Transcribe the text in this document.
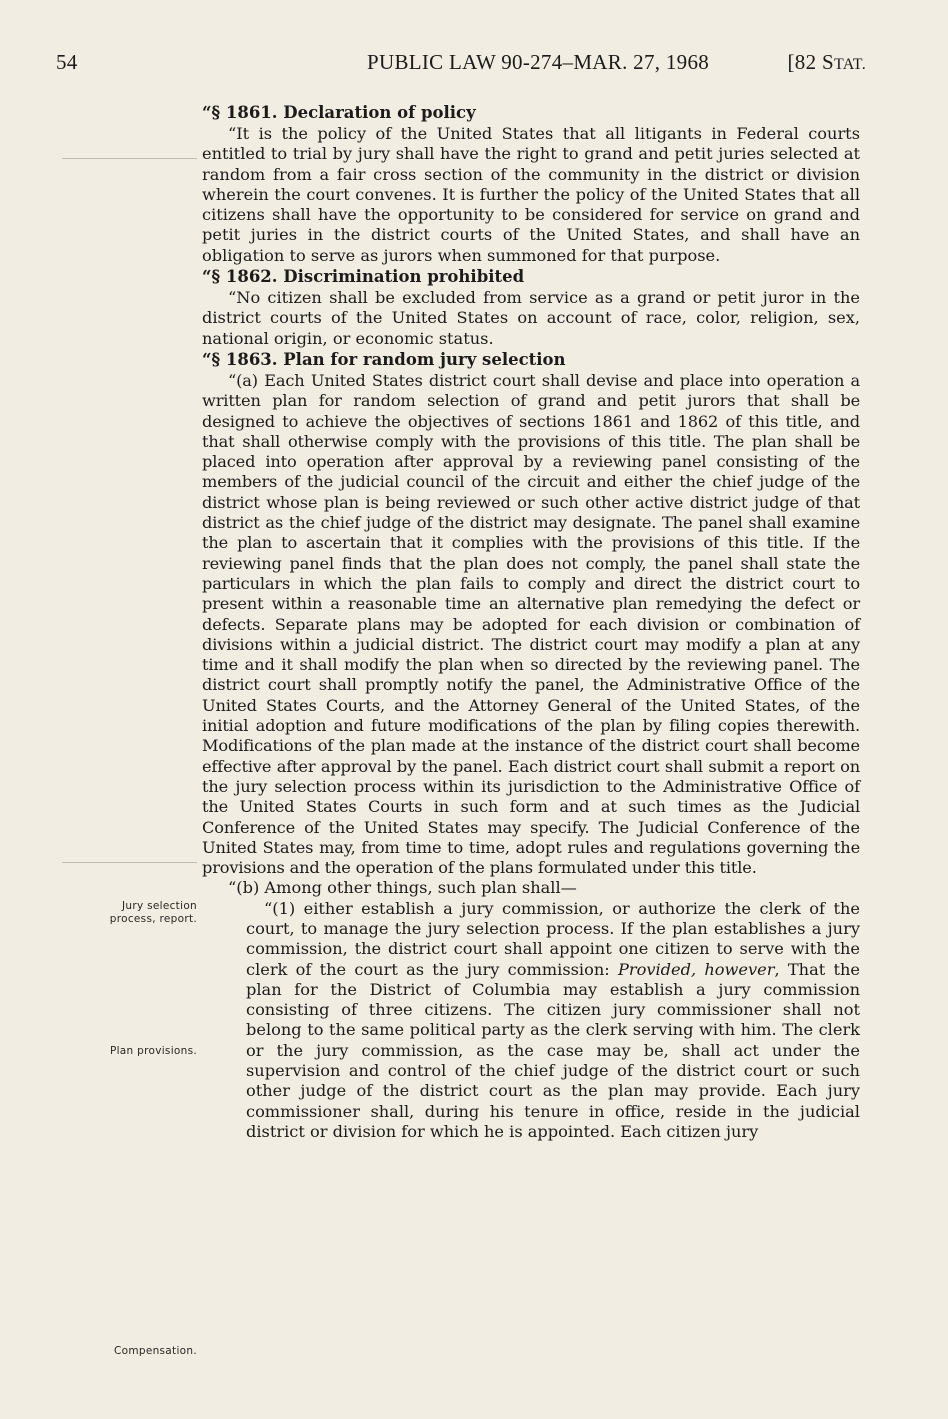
54	PUBLIC LAW 90-274–MAR. 27, 1968	[82 STAT.
Jury selection
process, report.
Plan provisions.
Compensation.
“§ 1861. Declaration of policy

“It is the policy of the United States that all litigants in Federal courts entitled to trial by jury shall have the right to grand and petit juries selected at random from a fair cross section of the community in the district or division wherein the court convenes. It is further the policy of the United States that all citizens shall have the opportunity to be considered for service on grand and petit juries in the district courts of the United States, and shall have an obligation to serve as jurors when summoned for that purpose.

“§ 1862. Discrimination prohibited

“No citizen shall be excluded from service as a grand or petit juror in the district courts of the United States on account of race, color, religion, sex, national origin, or economic status.

“§ 1863. Plan for random jury selection

“(a) Each United States district court shall devise and place into operation a written plan for random selection of grand and petit jurors that shall be designed to achieve the objectives of sections 1861 and 1862 of this title, and that shall otherwise comply with the provisions of this title. The plan shall be placed into operation after approval by a reviewing panel consisting of the members of the judicial council of the circuit and either the chief judge of the district whose plan is being reviewed or such other active district judge of that district as the chief judge of the district may designate. The panel shall examine the plan to ascertain that it complies with the provisions of this title. If the reviewing panel finds that the plan does not comply, the panel shall state the particulars in which the plan fails to comply and direct the district court to present within a reasonable time an alternative plan remedying the defect or defects. Separate plans may be adopted for each division or combination of divisions within a judicial district. The district court may modify a plan at any time and it shall modify the plan when so directed by the reviewing panel. The district court shall promptly notify the panel, the Administrative Office of the United States Courts, and the Attorney General of the United States, of the initial adoption and future modifications of the plan by filing copies therewith. Modifications of the plan made at the instance of the district court shall become effective after approval by the panel. Each district court shall submit a report on the jury selection process within its jurisdiction to the Administrative Office of the United States Courts in such form and at such times as the Judicial Conference of the United States may specify. The Judicial Conference of the United States may, from time to time, adopt rules and regulations governing the provisions and the operation of the plans formulated under this title.

“(b) Among other things, such plan shall—

“(1) either establish a jury commission, or authorize the clerk of the court, to manage the jury selection process. If the plan establishes a jury commission, the district court shall appoint one citizen to serve with the clerk of the court as the jury commission: Provided, however, That the plan for the District of Columbia may establish a jury commission consisting of three citizens. The citizen jury commissioner shall not belong to the same political party as the clerk serving with him. The clerk or the jury commission, as the case may be, shall act under the supervision and control of the chief judge of the district court or such other judge of the district court as the plan may provide. Each jury commissioner shall, during his tenure in office, reside in the judicial district or division for which he is appointed. Each citizen jury
